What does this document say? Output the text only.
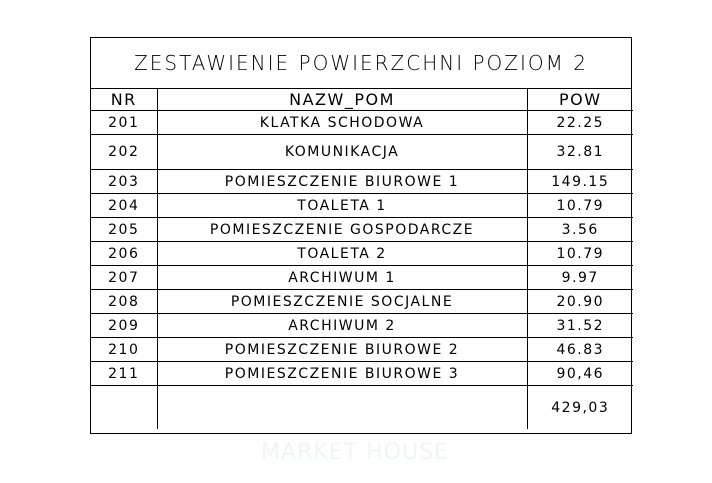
ZESTAWIENIE POWIERZCHNI POZIOM 2
NR	NAZW_POM	POW
201	KLATKA SCHODOWA	22.25
202	KOMUNIKACJA	32.81
203	POMIESZCZENIE BIUROWE 1	149.15
204	TOALETA 1	10.79
205	POMIESZCZENIE GOSPODARCZE	3.56
206	TOALETA 2	10.79
207	ARCHIWUM 1	9.97
208	POMIESZCZENIE SOCJALNE	20.90
209	ARCHIWUM 2	31.52
210	POMIESZCZENIE BIUROWE 2	46.83
211	POMIESZCZENIE BIUROWE 3	90,46
		429,03
MARKET HOUSE
